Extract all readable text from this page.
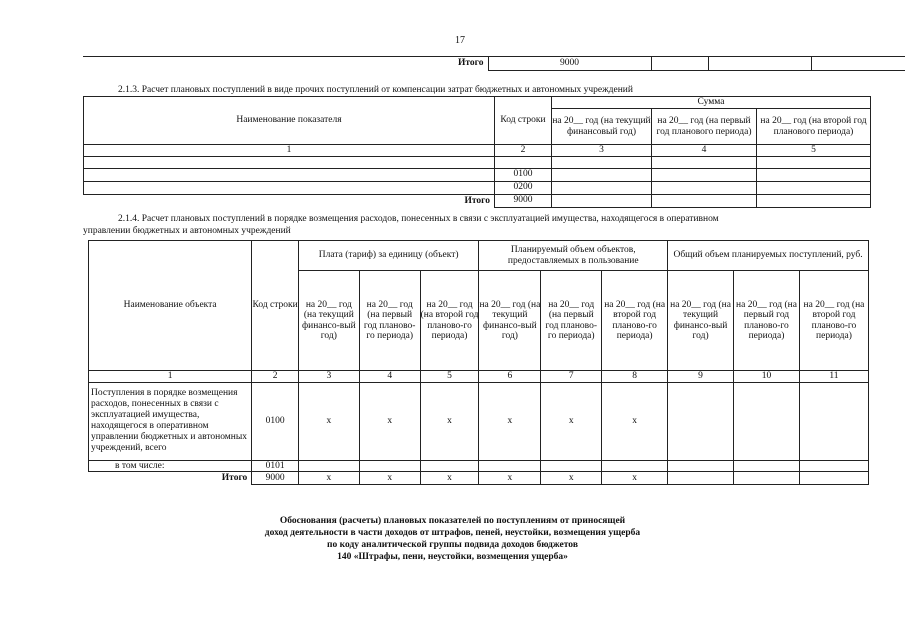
17
Итого	9000			

2.1.3. Расчет плановых поступлений в виде прочих поступлений от компенсации затрат бюджетных и автономных учреждений

Наименование показателя	Код строки	Сумма		
		на 20__ год (на текущий финансовый год)	на 20__ год (на первый год планового периода)	на 20__ год (на второй год планового периода)
1	2	3	4	5

	0100			
	0200			
Итого	9000			

2.1.4. Расчет плановых поступлений в порядке возмещения расходов, понесенных в связи с эксплуатацией имущества, находящегося в оперативном

управлении бюджетных и автономных учреждений

Наименование объекта	Код строки	Плата (тариф) за единицу (объект)			Планируемый объем объектов, предоставляемых в пользование			Общий объем планируемых поступлений, руб.		
		на 20__ год (на текущий финансо-вый год)	на 20__ год (на первый год планово-го периода)	на 20__ год (на второй год планово-го периода)	на 20__ год (на текущий финансо-вый год)	на 20__ год (на первый год планово-го периода)	на 20__ год (на второй год планово-го периода)	на 20__ год (на текущий финансо-вый год)	на 20__ год (на первый год планово-го периода)	на 20__ год (на второй год планово-го периода)
1	2	3	4	5	6	7	8	9	10	11
Поступления в порядке возмещения расходов, понесенных в связи с эксплуатацией имущества, находящегося в оперативном управлении бюджетных и автономных учреждений, всего	0100	x	x	x	x	x	x			
в том числе:	0101									
Итого	9000	x	x	x	x	x	x			

Обоснования (расчеты) плановых показателей по поступлениям от приносящей

доход деятельности в части доходов от штрафов, пеней, неустойки, возмещения ущерба

по коду аналитической группы подвида доходов бюджетов

140 «Штрафы, пени, неустойки, возмещения ущерба»
